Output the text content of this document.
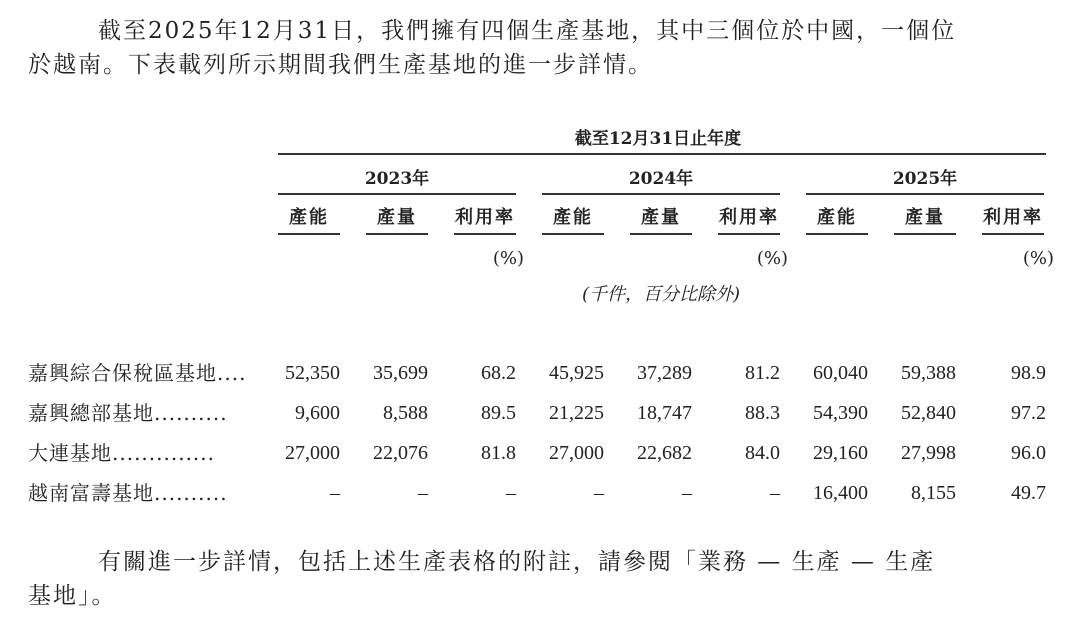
截至2025年12月31日，我們擁有四個生產基地，其中三個位於中國，一個位
於越南。下表載列所示期間我們生產基地的進一步詳情。
截至12月31日止年度
2023年	2024年	2025年
產能	產量	利用率	產能	產量	利用率	產能	產量	利用率
(%)	(%)	(%)
(千件，百分比除外)
嘉興綜合保稅區基地....	52,350	35,699	68.2	45,925	37,289	81.2	60,040	59,388	98.9
嘉興總部基地..........	9,600	8,588	89.5	21,225	18,747	88.3	54,390	52,840	97.2
大連基地..............	27,000	22,076	81.8	27,000	22,682	84.0	29,160	27,998	96.0
越南富壽基地..........	–	–	–	–	–	–	16,400	8,155	49.7
有關進一步詳情，包括上述生產表格的附註，請參閱「業務 — 生產 — 生產
基地」。
